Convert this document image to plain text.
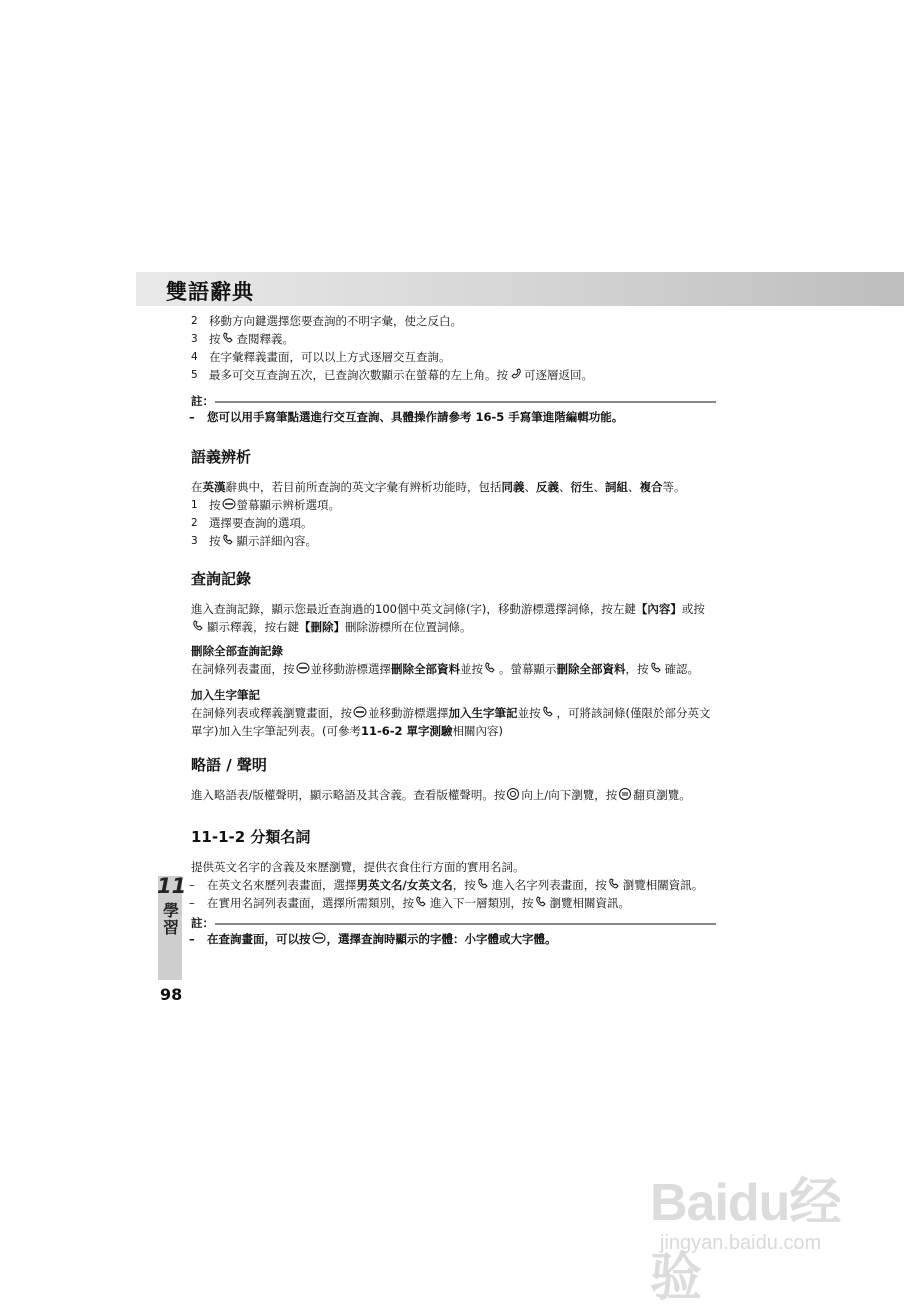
雙語辭典
2 移動方向鍵選擇您要查詢的不明字彙，使之反白。
3 按 查閱釋義。
4 在字彙釋義畫面，可以以上方式逐層交互查詢。
5 最多可交互查詢五次，已查詢次數顯示在螢幕的左上角。按 可逐層返回。
註：
–	您可以用手寫筆點選進行交互查詢、具體操作請參考 16-5 手寫筆進階編輯功能。
語義辨析
在英漢辭典中，若目前所查詢的英文字彙有辨析功能時，包括同義、反義、衍生、詞組、複合等。
1 按 螢幕顯示辨析選項。
2 選擇要查詢的選項。
3 按 顯示詳細內容。
查詢記錄
進入查詢記錄，顯示您最近查詢過的100個中英文詞條(字)，移動游標選擇詞條，按左鍵【內容】或按顯示釋義，按右鍵【刪除】刪除游標所在位置詞條。
刪除全部查詢記錄
在詞條列表畫面，按 並移動游標選擇刪除全部資料並按 。螢幕顯示刪除全部資料，按 確認。
加入生字筆記
在詞條列表或釋義瀏覽畫面，按 並移動游標選擇加入生字筆記並按 ，可將該詞條(僅限於部分英文單字)加入生字筆記列表。(可參考11-6-2 單字測驗相關內容)
略語 / 聲明
進入略語表/版權聲明，顯示略語及其含義。查看版權聲明。按 向上/向下瀏覽，按 翻頁瀏覽。
11-1-2 分類名詞
提供英文名字的含義及來歷瀏覽，提供衣食住行方面的實用名詞。
–	在英文名來歷列表畫面，選擇男英文名/女英文名，按 進入名字列表畫面，按 瀏覽相關資訊。
–	在實用名詞列表畫面，選擇所需類別，按 進入下一層類別，按 瀏覽相關資訊。
註：
–	在查詢畫面，可以按 ，選擇查詢時顯示的字體：小字體或大字體。
11
學習
98
Baidu经验
jingyan.baidu.com
